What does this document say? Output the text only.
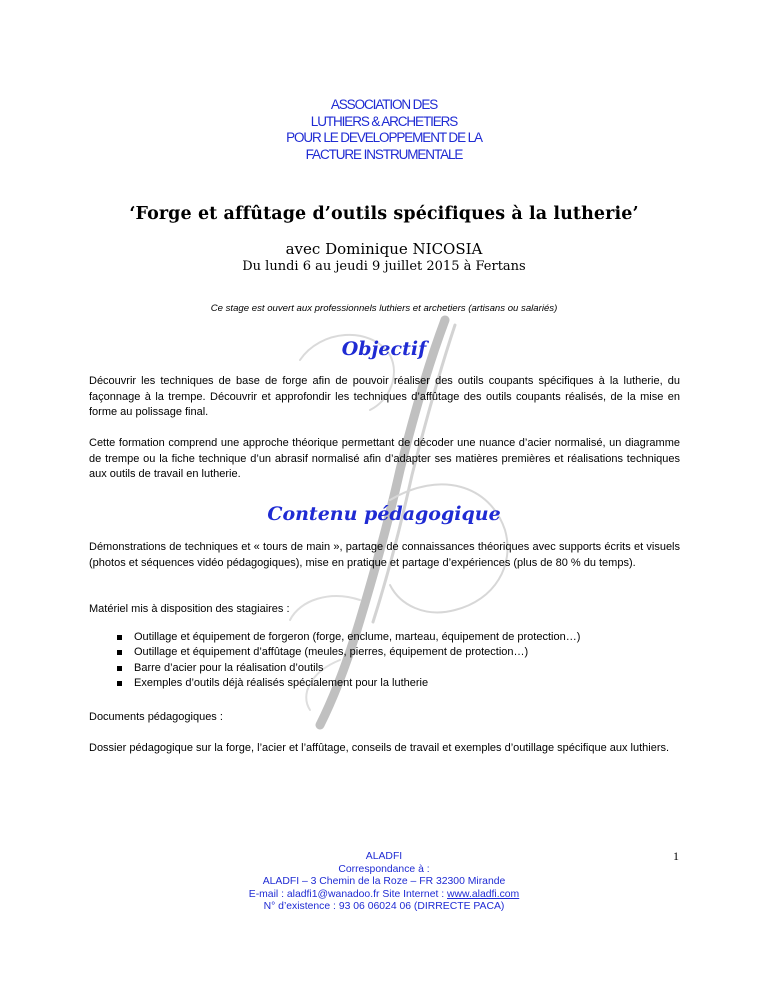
ASSOCIATION DES
LUTHIERS & ARCHETIERS
POUR LE DEVELOPPEMENT DE LA
FACTURE INSTRUMENTALE
‘Forge et affûtage d’outils spécifiques à la lutherie’
avec Dominique NICOSIA
Du lundi 6 au jeudi 9 juillet 2015 à Fertans
Ce stage est ouvert aux professionnels luthiers et archetiers (artisans ou salariés)
Objectif
Découvrir les techniques de base de forge afin de pouvoir réaliser des outils coupants spécifiques à la lutherie, du façonnage à la trempe. Découvrir et approfondir les techniques d’affûtage des outils coupants réalisés, de la mise en forme au polissage final.
Cette formation comprend une approche théorique permettant de décoder une nuance d’acier normalisé, un diagramme de trempe ou la fiche technique d’un abrasif normalisé afin d’adapter ses matières premières et réalisations techniques aux outils de travail en lutherie.
Contenu pédagogique
Démonstrations de techniques et « tours de main », partage de connaissances théoriques avec supports écrits et visuels (photos et séquences vidéo pédagogiques), mise en pratique et partage d’expériences (plus de 80 % du temps).
Matériel mis à disposition des stagiaires :
Outillage et équipement de forgeron (forge, enclume, marteau, équipement de protection…)
Outillage et équipement d’affûtage (meules, pierres, équipement de protection…)
Barre d’acier pour la réalisation d’outils
Exemples d’outils déjà réalisés spécialement pour la lutherie
Documents pédagogiques :
Dossier pédagogique sur la forge, l’acier et l’affûtage, conseils de travail et exemples d’outillage spécifique aux luthiers.
ALADFI
Correspondance à :
ALADFI – 3 Chemin de la Roze – FR 32300 Mirande
E-mail : aladfi1@wanadoo.fr Site Internet : www.aladfi.com
N° d’existence : 93 06 06024 06 (DIRRECTE PACA)
1
